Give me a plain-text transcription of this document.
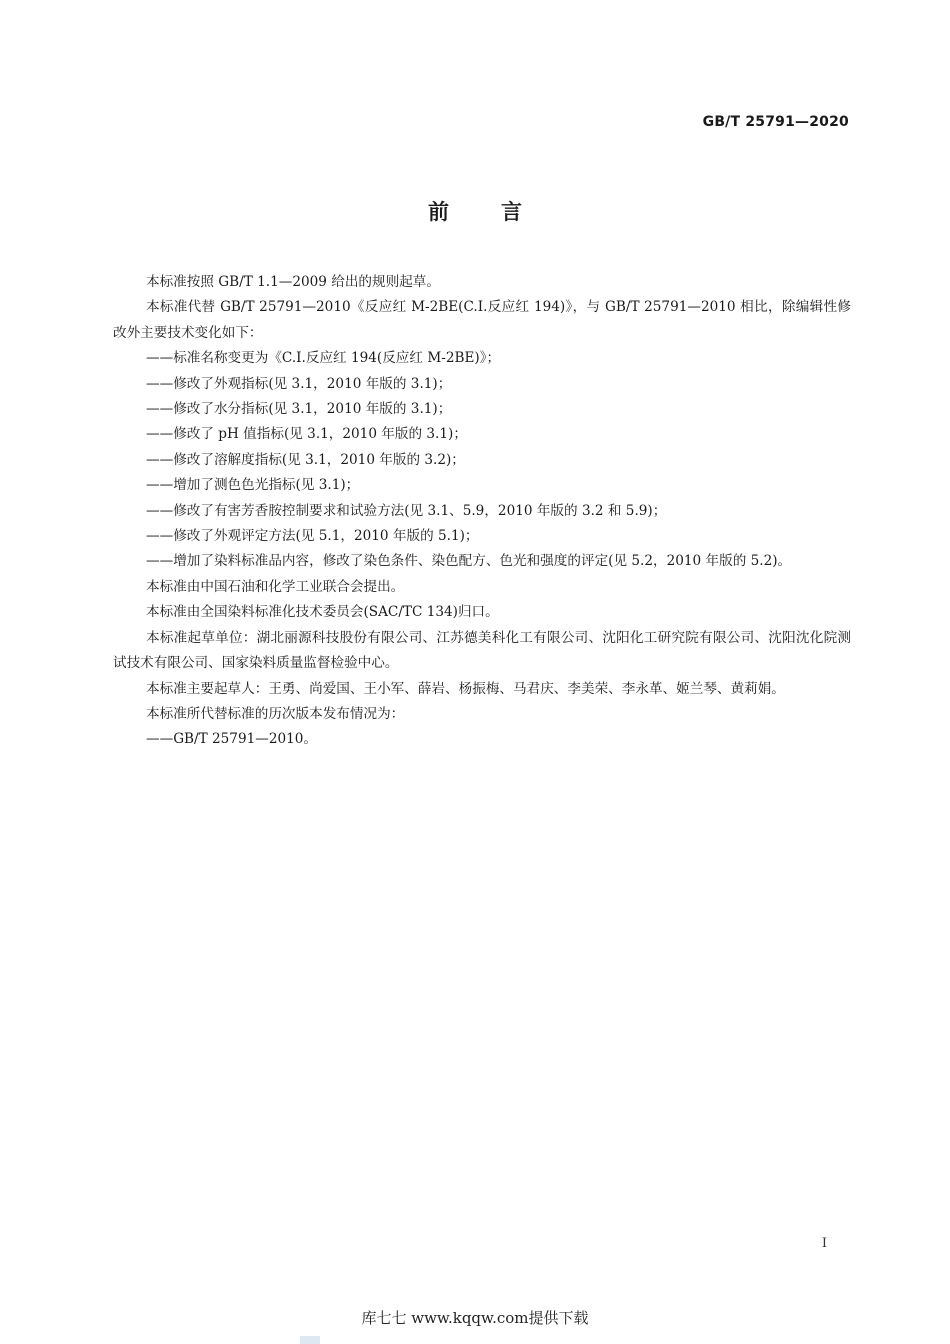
GB/T 25791—2020
前言

本标准按照 GB/T 1.1—2009 给出的规则起草。

本标准代替 GB/T 25791—2010《反应红 M-2BE(C.I.反应红 194)》，与 GB/T 25791—2010 相比，除编辑性修改外主要技术变化如下：

——标准名称变更为《C.I.反应红 194(反应红 M-2BE)》；

——修改了外观指标(见 3.1，2010 年版的 3.1)；

——修改了水分指标(见 3.1，2010 年版的 3.1)；

——修改了 pH 值指标(见 3.1，2010 年版的 3.1)；

——修改了溶解度指标(见 3.1，2010 年版的 3.2)；

——增加了测色色光指标(见 3.1)；

——修改了有害芳香胺控制要求和试验方法(见 3.1、5.9，2010 年版的 3.2 和 5.9)；

——修改了外观评定方法(见 5.1，2010 年版的 5.1)；

——增加了染料标准品内容，修改了染色条件、染色配方、色光和强度的评定(见 5.2，2010 年版的 5.2)。

本标准由中国石油和化学工业联合会提出。

本标准由全国染料标准化技术委员会(SAC/TC 134)归口。

本标准起草单位：湖北丽源科技股份有限公司、江苏德美科化工有限公司、沈阳化工研究院有限公司、沈阳沈化院测试技术有限公司、国家染料质量监督检验中心。

本标准主要起草人：王勇、尚爱国、王小军、薛岩、杨振梅、马君庆、李美荣、李永革、姬兰琴、黄莉娟。

本标准所代替标准的历次版本发布情况为：

——GB/T 25791—2010。

I
库七七 www.kqqw.com提供下载
